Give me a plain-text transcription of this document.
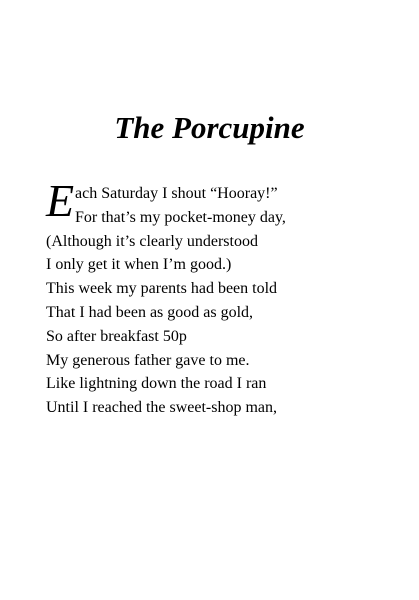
The Porcupine
E ach Saturday I shout “Hooray!”
For that’s my pocket-money day,
(Although it’s clearly understood
I only get it when I’m good.)
This week my parents had been told
That I had been as good as gold,
So after breakfast 50p
My generous father gave to me.
Like lightning down the road I ran
Until I reached the sweet-shop man,
